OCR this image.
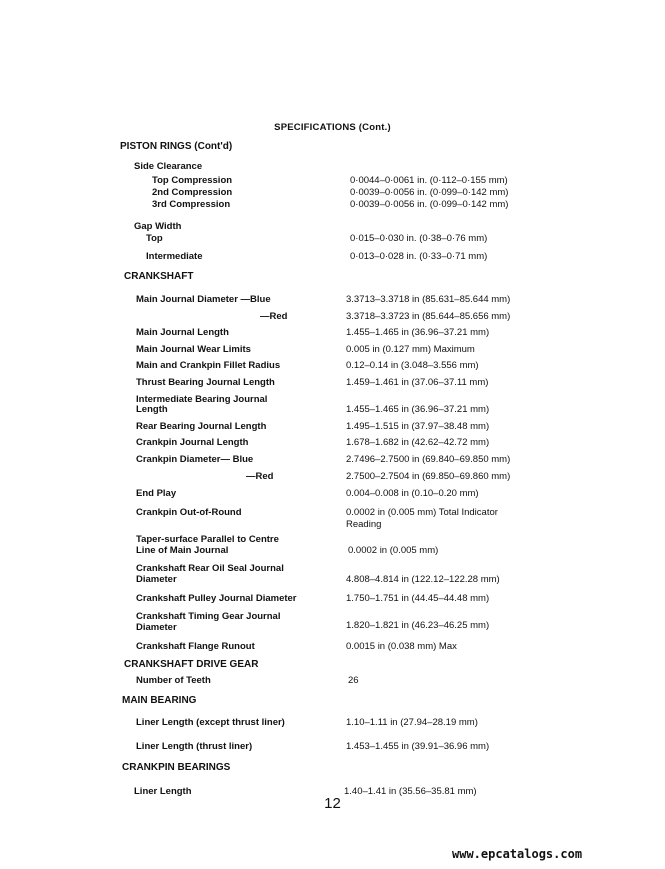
SPECIFICATIONS (Cont.)
PISTON RINGS (Cont'd)
Side Clearance
Top Compression	0·0044–0·0061 in. (0·112–0·155 mm)
2nd Compression	0·0039–0·0056 in. (0·099–0·142 mm)
3rd Compression	0·0039–0·0056 in. (0·099–0·142 mm)
Gap Width
Top	0·015–0·030 in. (0·38–0·76 mm)
Intermediate	0·013–0·028 in. (0·33–0·71 mm)
CRANKSHAFT
Main Journal Diameter —Blue	3.3713–3.3718 in (85.631–85.644 mm)
—Red	3.3718–3.3723 in (85.644–85.656 mm)
Main Journal Length	1.455–1.465 in (36.96–37.21 mm)
Main Journal Wear Limits	0.005 in (0.127 mm) Maximum
Main and Crankpin Fillet Radius	0.12–0.14 in (3.048–3.556 mm)
Thrust Bearing Journal Length	1.459–1.461 in (37.06–37.11 mm)
Intermediate Bearing Journal
Length	1.455–1.465 in (36.96–37.21 mm)
Rear Bearing Journal Length	1.495–1.515 in (37.97–38.48 mm)
Crankpin Journal Length	1.678–1.682 in (42.62–42.72 mm)
Crankpin Diameter— Blue	2.7496–2.7500 in (69.840–69.850 mm)
—Red	2.7500–2.7504 in (69.850–69.860 mm)
End Play	0.004–0.008 in (0.10–0.20 mm)
Crankpin Out-of-Round	0.0002 in (0.005 mm) Total Indicator
Reading
Taper-surface Parallel to Centre
Line of Main Journal	0.0002 in (0.005 mm)
Crankshaft Rear Oil Seal Journal
Diameter	4.808–4.814 in (122.12–122.28 mm)
Crankshaft Pulley Journal Diameter	1.750–1.751 in (44.45–44.48 mm)
Crankshaft Timing Gear Journal
Diameter	1.820–1.821 in (46.23–46.25 mm)
Crankshaft Flange Runout	0.0015 in (0.038 mm) Max
CRANKSHAFT DRIVE GEAR
Number of Teeth	26
MAIN BEARING
Liner Length (except thrust liner)	1.10–1.11 in (27.94–28.19 mm)
Liner Length (thrust liner)	1.453–1.455 in (39.91–36.96 mm)
CRANKPIN BEARINGS
Liner Length	1.40–1.41 in (35.56–35.81 mm)
12
www.epcatalogs.com
